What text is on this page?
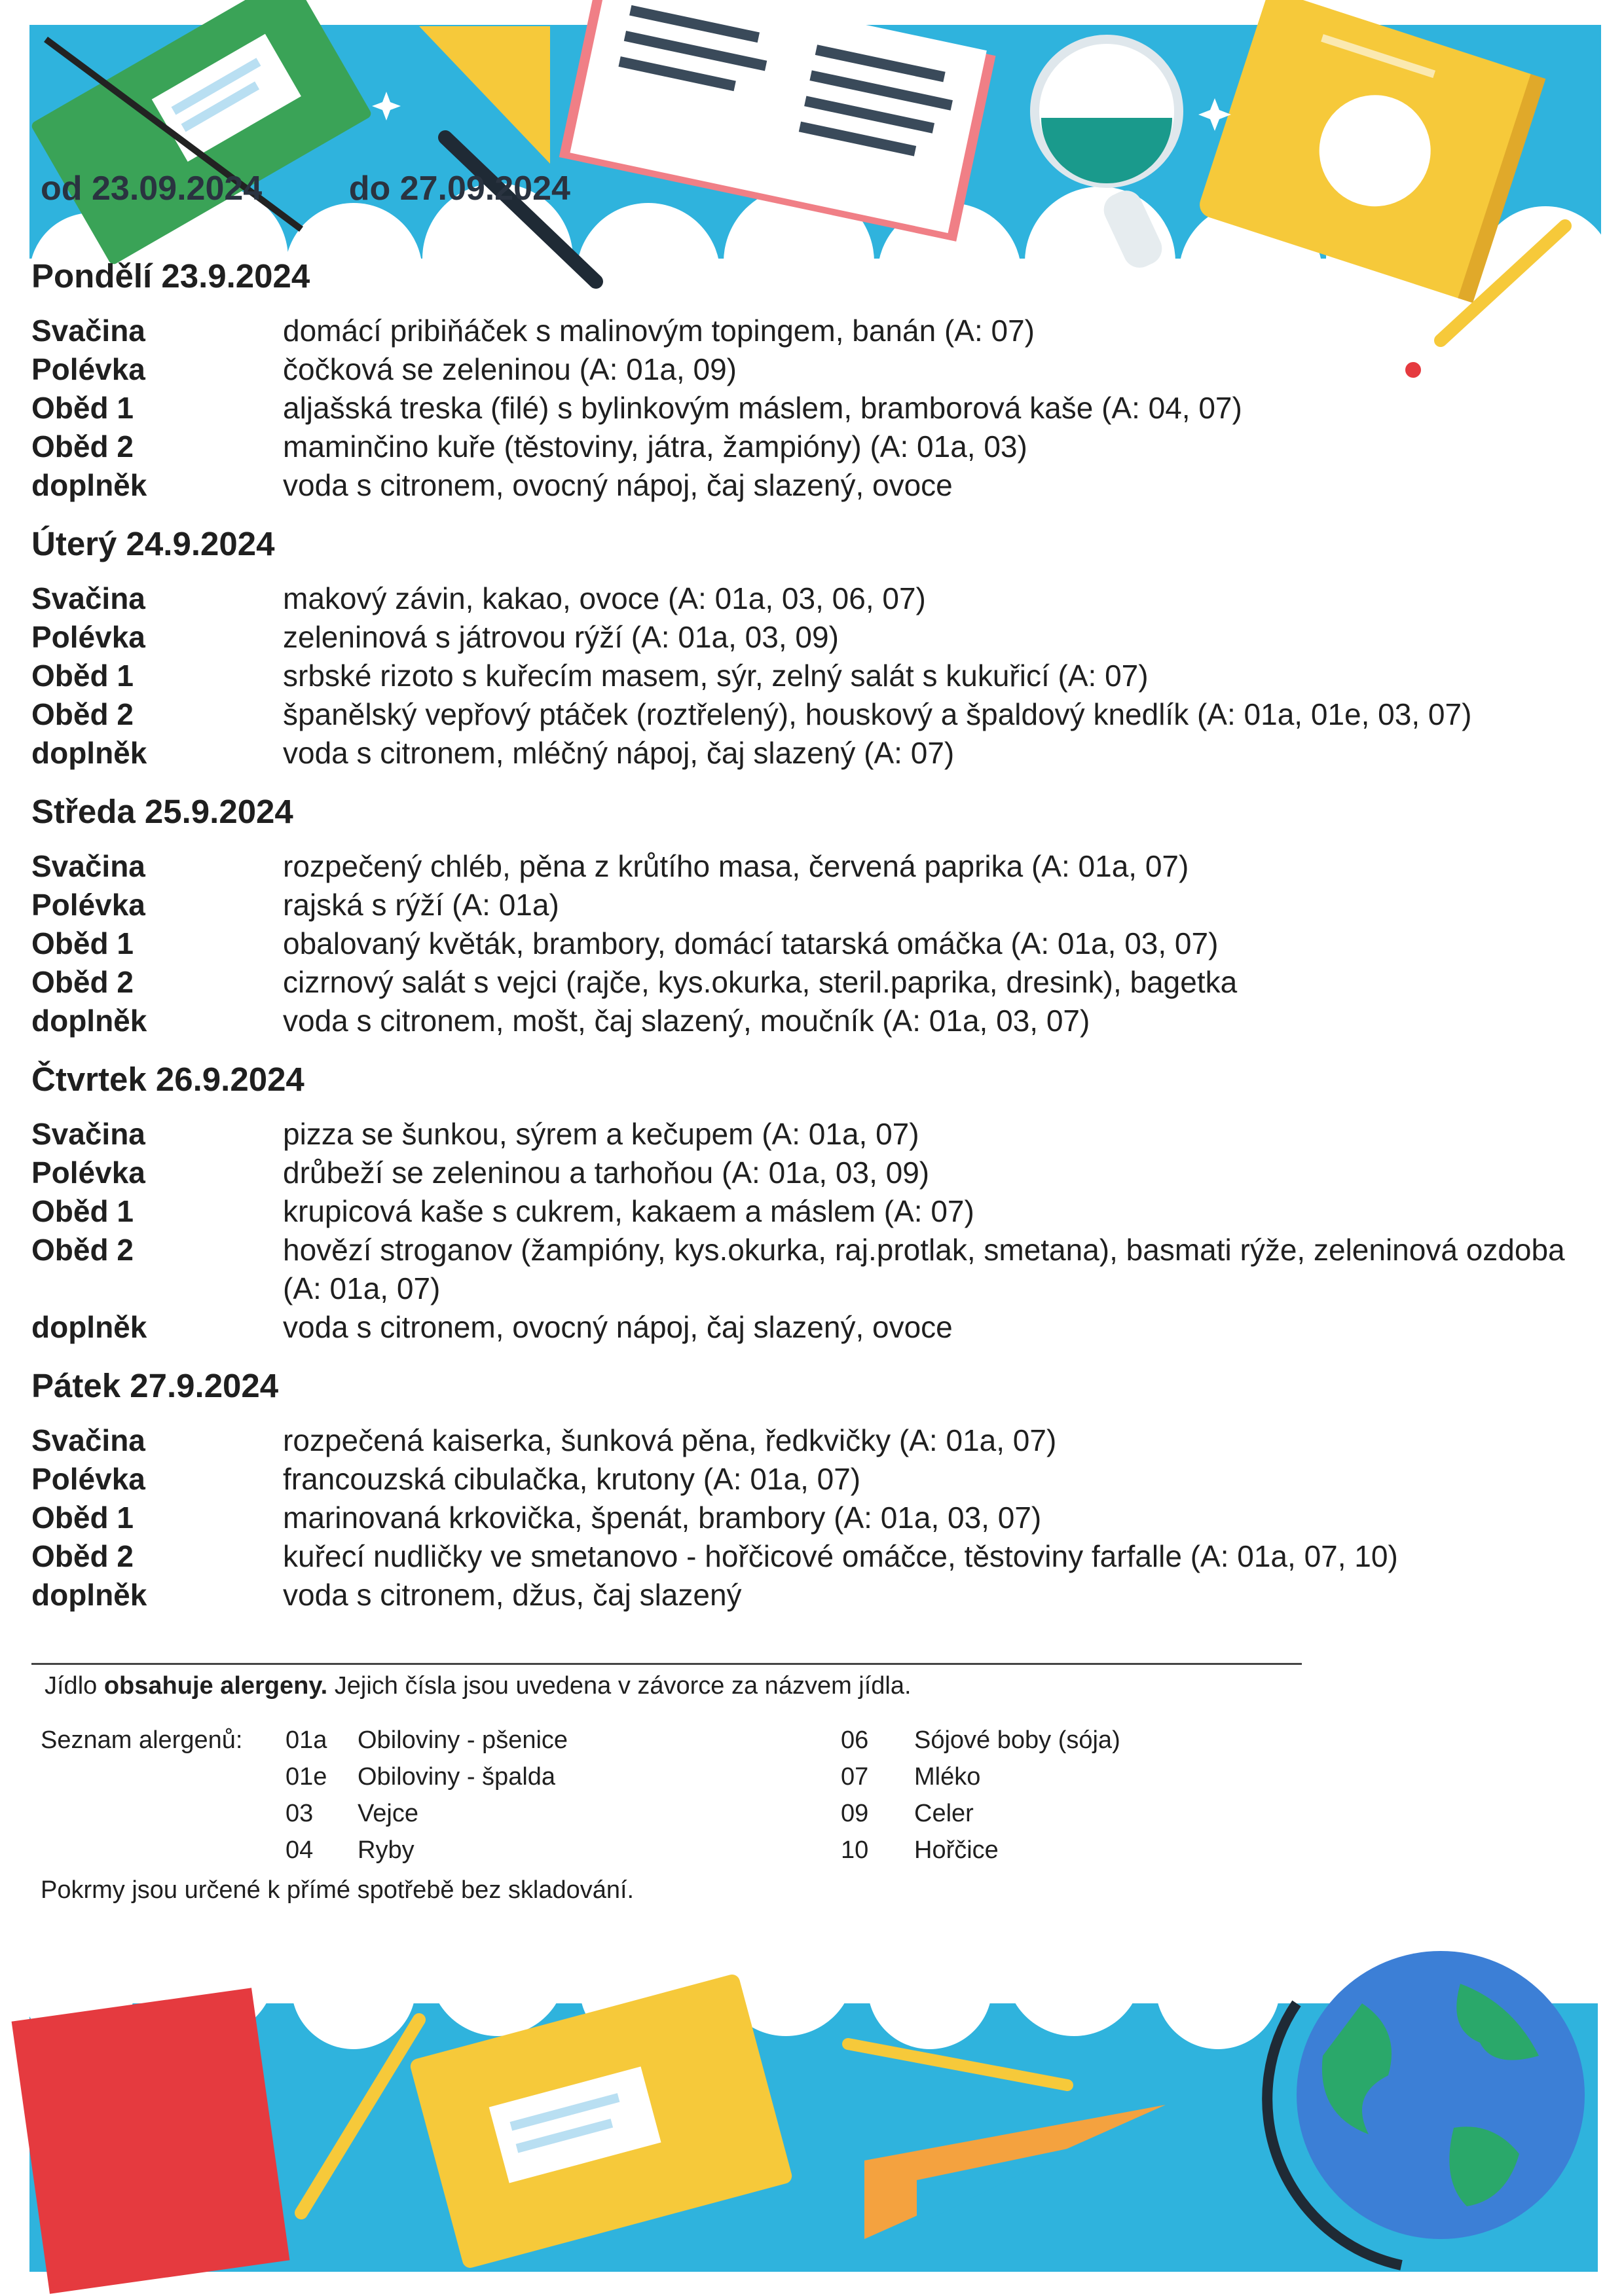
od 23.09.2024	do 27.09.2024
Pondělí 23.9.2024
Svačina	domácí pribiňáček s malinovým topingem, banán (A: 07)
Polévka	čočková se zeleninou (A: 01a, 09)
Oběd 1	aljašská treska (filé) s bylinkovým máslem, bramborová kaše (A: 04, 07)
Oběd 2	maminčino kuře (těstoviny, játra, žampióny) (A: 01a, 03)
doplněk	voda s citronem, ovocný nápoj, čaj slazený, ovoce
Úterý 24.9.2024
Svačina	makový závin, kakao, ovoce (A: 01a, 03, 06, 07)
Polévka	zeleninová s játrovou rýží (A: 01a, 03, 09)
Oběd 1	srbské rizoto s kuřecím masem, sýr, zelný salát s kukuřicí (A: 07)
Oběd 2	španělský vepřový ptáček (roztřelený), houskový a špaldový knedlík (A: 01a, 01e, 03, 07)
doplněk	voda s citronem, mléčný nápoj, čaj slazený (A: 07)
Středa 25.9.2024
Svačina	rozpečený chléb, pěna z krůtího masa, červená paprika (A: 01a, 07)
Polévka	rajská s rýží (A: 01a)
Oběd 1	obalovaný květák, brambory, domácí tatarská omáčka (A: 01a, 03, 07)
Oběd 2	cizrnový salát s vejci (rajče, kys.okurka, steril.paprika, dresink), bagetka
doplněk	voda s citronem, mošt, čaj slazený, moučník (A: 01a, 03, 07)
Čtvrtek 26.9.2024
Svačina	pizza se šunkou, sýrem a kečupem (A: 01a, 07)
Polévka	drůbeží se zeleninou a tarhoňou (A: 01a, 03, 09)
Oběd 1	krupicová kaše s cukrem, kakaem a máslem (A: 07)
Oběd 2	hovězí stroganov (žampióny, kys.okurka, raj.protlak, smetana), basmati rýže, zeleninová ozdoba (A: 01a, 07)
doplněk	voda s citronem, ovocný nápoj, čaj slazený, ovoce
Pátek 27.9.2024
Svačina	rozpečená kaiserka, šunková pěna, ředkvičky (A: 01a, 07)
Polévka	francouzská cibulačka, krutony (A: 01a, 07)
Oběd 1	marinovaná krkovička, špenát, brambory (A: 01a, 03, 07)
Oběd 2	kuřecí nudličky ve smetanovo - hořčicové omáčce, těstoviny farfalle (A: 01a, 07, 10)
doplněk	voda s citronem, džus, čaj slazený
Jídlo obsahuje alergeny. Jejich čísla jsou uvedena v závorce za názvem jídla.
Seznam alergenů: 01a	Obiloviny - pšenice
01e	Obiloviny - špalda
03	Vejce
04	Ryby
06	Sójové boby (sója)
07	Mléko
09	Celer
10	Hořčice
Pokrmy jsou určené k přímé spotřebě bez skladování.
